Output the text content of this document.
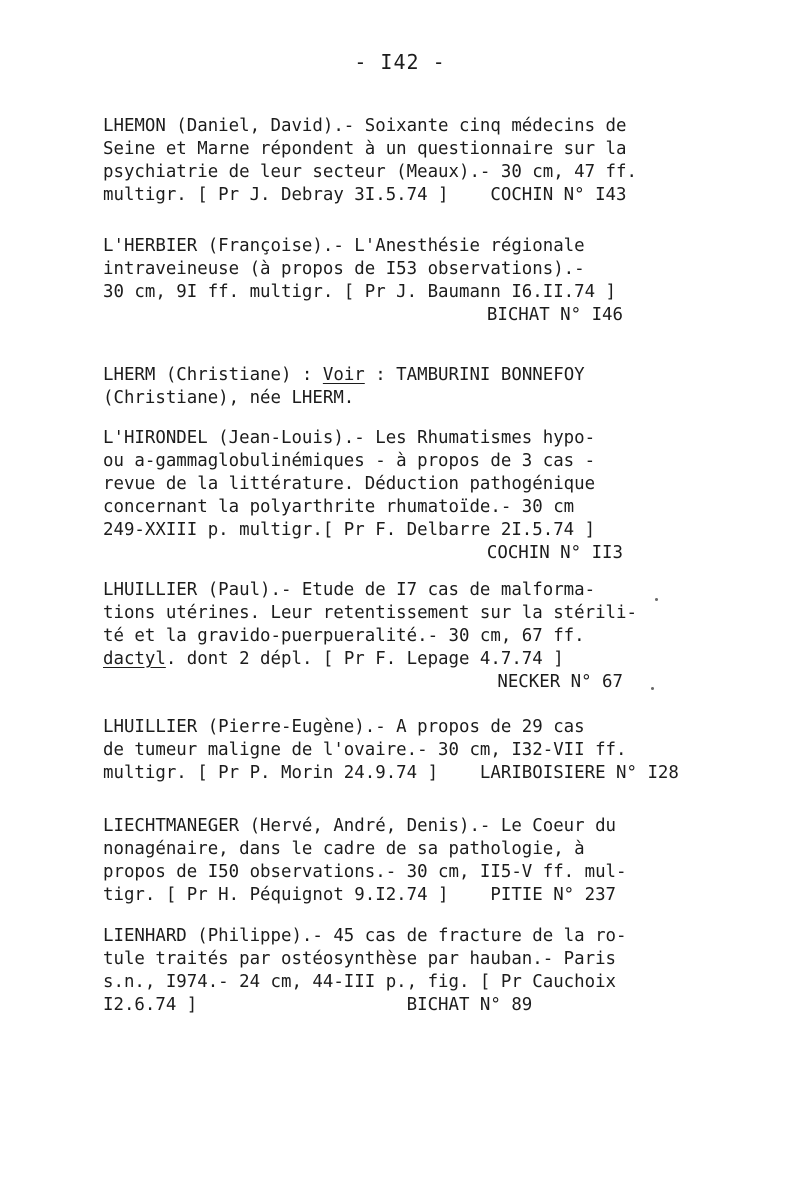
- I42 -
LHEMON (Daniel, David).- Soixante cinq médecins de
Seine et Marne répondent à un questionnaire sur la
psychiatrie de leur secteur (Meaux).- 30 cm, 47 ff.
multigr. [ Pr J. Debray 3I.5.74 ]    COCHIN N° I43
L'HERBIER (Françoise).- L'Anesthésie régionale
intraveineuse (à propos de I53 observations).-
30 cm, 9I ff. multigr. [ Pr J. Baumann I6.II.74 ]
BICHAT N° I46
LHERM (Christiane) : Voir : TAMBURINI BONNEFOY
(Christiane), née LHERM.
L'HIRONDEL (Jean-Louis).- Les Rhumatismes hypo-
ou a-gammaglobulinémiques - à propos de 3 cas -
revue de la littérature. Déduction pathogénique
concernant la polyarthrite rhumatoïde.- 30 cm
249-XXIII p. multigr.[ Pr F. Delbarre 2I.5.74 ]
COCHIN N° II3
LHUILLIER (Paul).- Etude de I7 cas de malforma-
tions utérines. Leur retentissement sur la stérili-
té et la gravido-puerpueralité.- 30 cm, 67 ff.
dactyl. dont 2 dépl. [ Pr F. Lepage 4.7.74 ]
NECKER N° 67
LHUILLIER (Pierre-Eugène).- A propos de 29 cas
de tumeur maligne de l'ovaire.- 30 cm, I32-VII ff.
multigr. [ Pr P. Morin 24.9.74 ]    LARIBOISIERE N° I28
LIECHTMANEGER (Hervé, André, Denis).- Le Coeur du
nonagénaire, dans le cadre de sa pathologie, à
propos de I50 observations.- 30 cm, II5-V ff. mul-
tigr. [ Pr H. Péquignot 9.I2.74 ]    PITIE N° 237
LIENHARD (Philippe).- 45 cas de fracture de la ro-
tule traités par ostéosynthèse par hauban.- Paris
s.n., I974.- 24 cm, 44-III p., fig. [ Pr Cauchoix
I2.6.74 ]                    BICHAT N° 89
